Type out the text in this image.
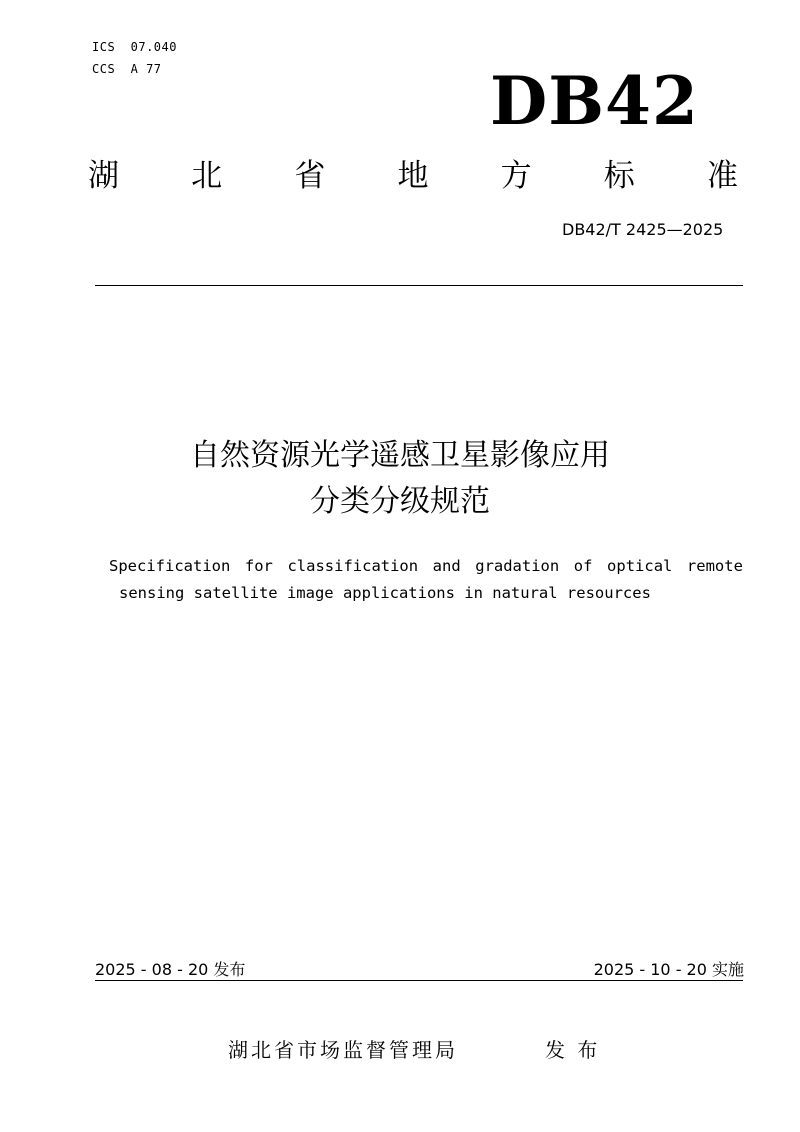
ICS  07.040
CCS  A 77	DB42
湖 北 省 地 方 标 准
DB42/T 2425—2025
自然资源光学遥感卫星影像应用
分类分级规范
Specification for classification and gradation of optical remote
sensing satellite image applications in natural resources
2025 - 08 - 20 发布	2025 - 10 - 20 实施
湖北省市场监督管理局	发 布
